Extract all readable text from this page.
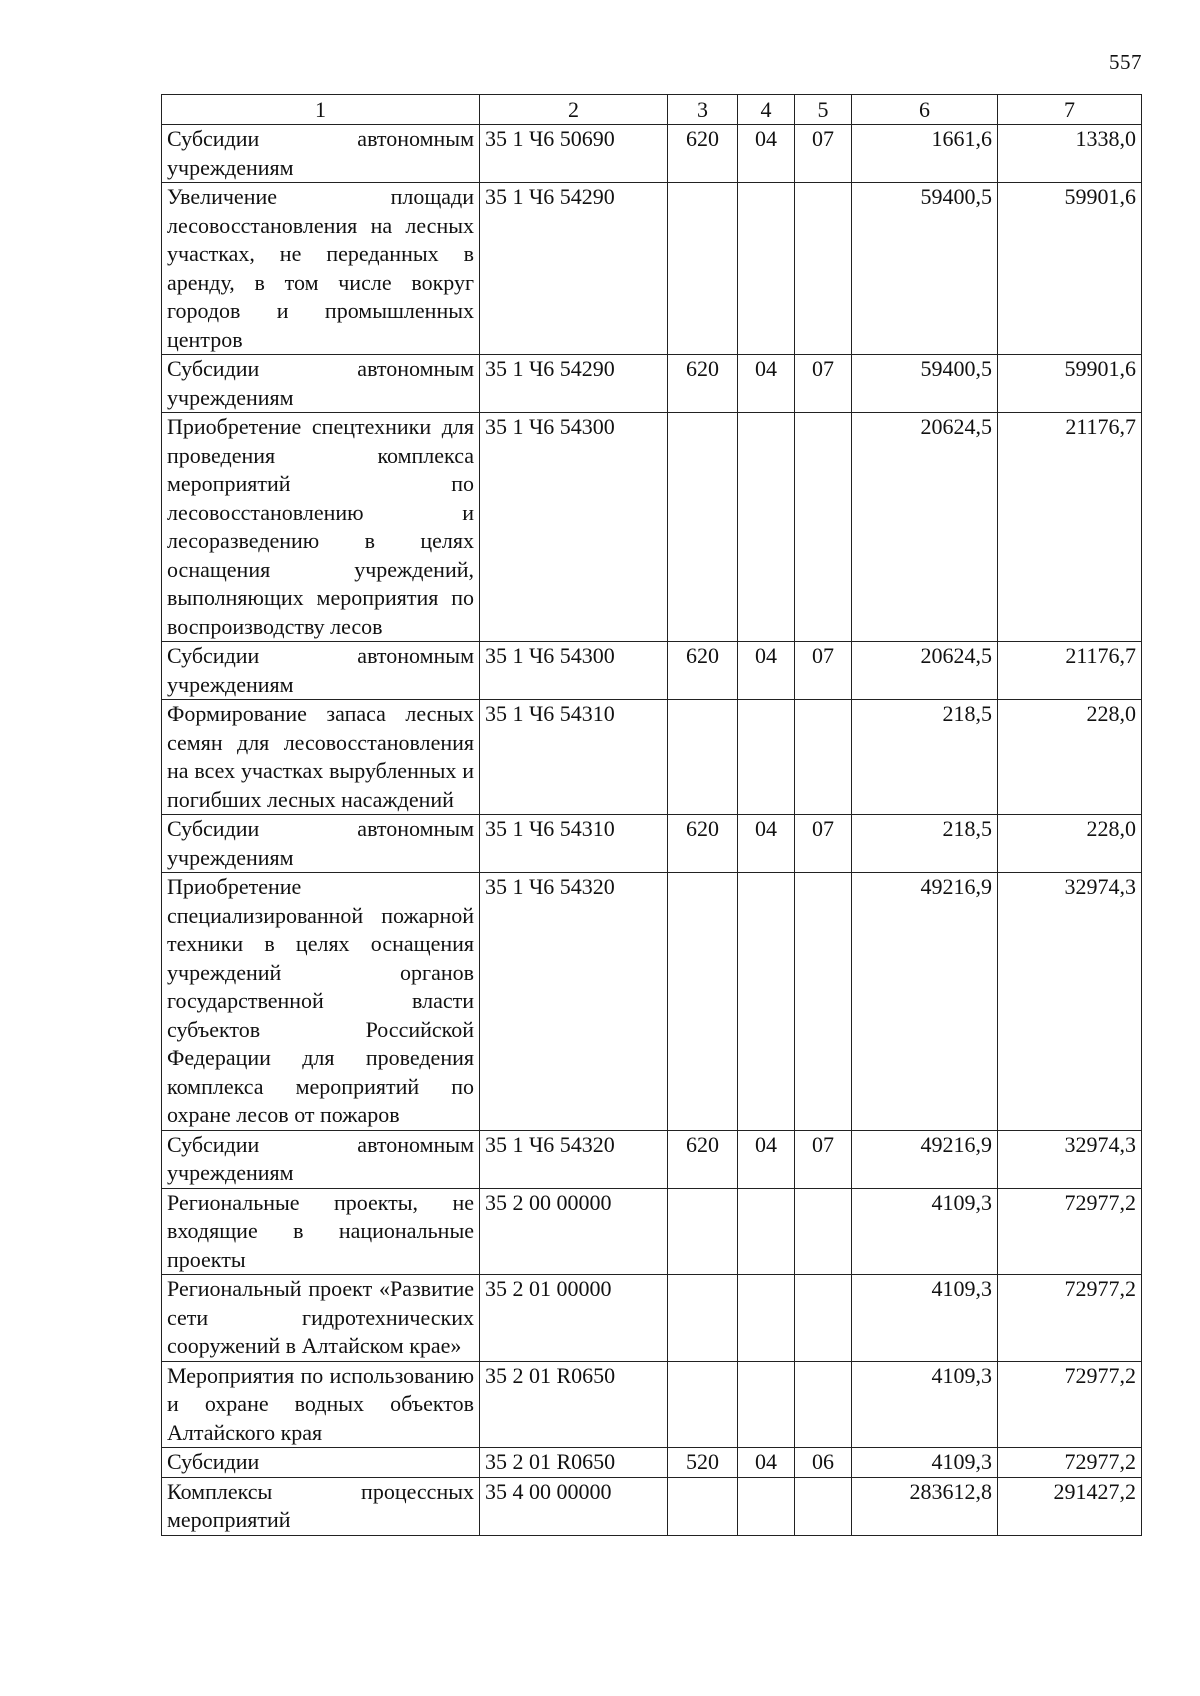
557
1	2	3	4	5	6	7
Субсидии автономным учреждениям	35 1 Ч6 50690	620	04	07	1661,6	1338,0
Увеличение площади лесовосстановления на лесных участках, не переданных в аренду, в том числе вокруг городов и промышленных центров	35 1 Ч6 54290				59400,5	59901,6
Субсидии автономным учреждениям	35 1 Ч6 54290	620	04	07	59400,5	59901,6
Приобретение спецтехники для проведения комплекса мероприятий по лесовосстановлению и лесоразведению в целях оснащения учреждений, выполняющих мероприятия по воспроизводству лесов	35 1 Ч6 54300				20624,5	21176,7
Субсидии автономным учреждениям	35 1 Ч6 54300	620	04	07	20624,5	21176,7
Формирование запаса лесных семян для лесовосстановления на всех участках вырубленных и погибших лесных насаждений	35 1 Ч6 54310				218,5	228,0
Субсидии автономным учреждениям	35 1 Ч6 54310	620	04	07	218,5	228,0
Приобретение специализированной пожарной техники в целях оснащения учреждений органов государственной власти субъектов Российской Федерации для проведения комплекса мероприятий по охране лесов от пожаров	35 1 Ч6 54320				49216,9	32974,3
Субсидии автономным учреждениям	35 1 Ч6 54320	620	04	07	49216,9	32974,3
Региональные проекты, не входящие в национальные проекты	35 2 00 00000				4109,3	72977,2
Региональный проект «Развитие сети гидротехнических сооружений в Алтайском крае»	35 2 01 00000				4109,3	72977,2
Мероприятия по использованию и охране водных объектов Алтайского края	35 2 01 R0650				4109,3	72977,2
Субсидии	35 2 01 R0650	520	04	06	4109,3	72977,2
Комплексы процессных мероприятий	35 4 00 00000				283612,8	291427,2
